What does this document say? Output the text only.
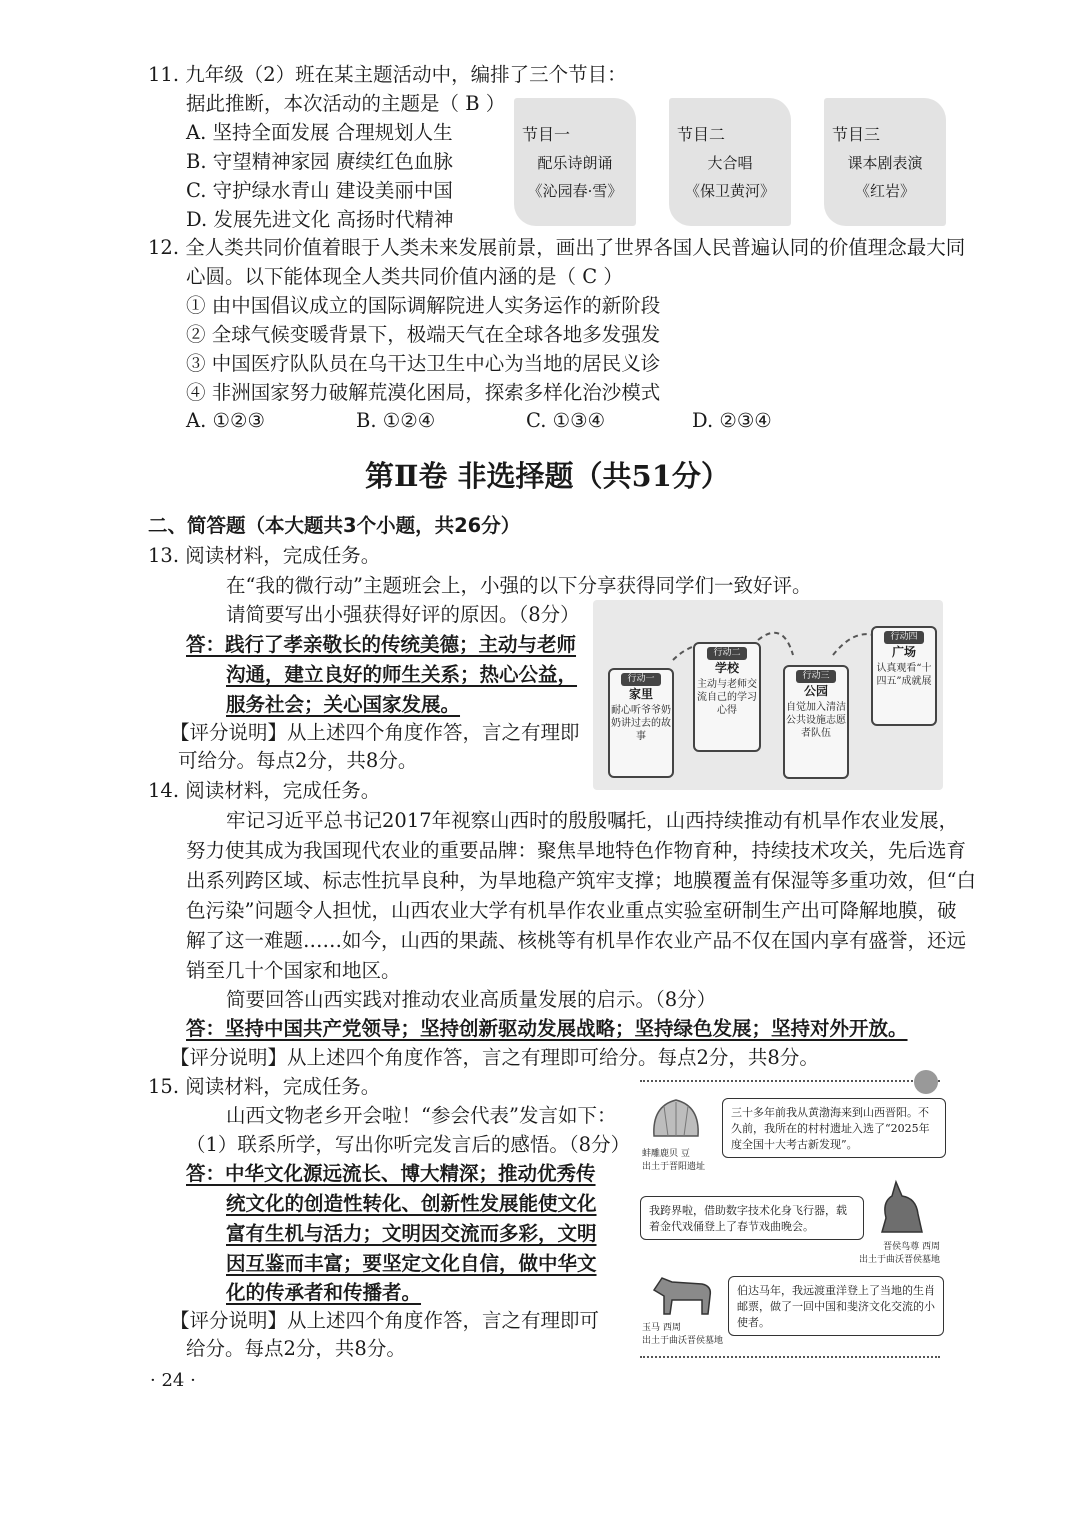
11. 九年级（2）班在某主题活动中，编排了三个节目：
据此推断，本次活动的主题是（ B ）
A. 坚持全面发展 合理规划人生
B. 守望精神家园 赓续红色血脉
C. 守护绿水青山 建设美丽中国
D. 发展先进文化 高扬时代精神
节目一
配乐诗朗诵
《沁园春·雪》
节目二
大合唱
《保卫黄河》
节目三
课本剧表演
《红岩》
12. 全人类共同价值着眼于人类未来发展前景，画出了世界各国人民普遍认同的价值理念最大同
心圆。以下能体现全人类共同价值内涵的是（ C ）
① 由中国倡议成立的国际调解院进人实务运作的新阶段
② 全球气候变暖背景下，极端天气在全球各地多发强发
③ 中国医疗队队员在乌干达卫生中心为当地的居民义诊
④ 非洲国家努力破解荒漠化困局，探索多样化治沙模式
A. ①②③	B. ①②④	C. ①③④	D. ②③④
第Ⅱ卷 非选择题（共51分）
二、简答题（本大题共3个小题，共26分）
13. 阅读材料，完成任务。
在“我的微行动”主题班会上，小强的以下分享获得同学们一致好评。
请简要写出小强获得好评的原因。（8分）
答：践行了孝亲敬长的传统美德；主动与老师
沟通，建立良好的师生关系；热心公益，
服务社会；关心国家发展。
【评分说明】从上述四个角度作答，言之有理即
可给分。每点2分，共8分。
行动一
家里
耐心听爷爷奶奶讲过去的故事
行动二
学校
主动与老师交流自己的学习心得
行动三
公园
自觉加入清洁公共设施志愿者队伍
行动四
广场
认真观看“十四五”成就展
14. 阅读材料，完成任务。
牢记习近平总书记2017年视察山西时的殷殷嘱托，山西持续推动有机旱作农业发展，
努力使其成为我国现代农业的重要品牌：聚焦旱地特色作物育种，持续技术攻关，先后选育
出系列跨区域、标志性抗旱良种，为旱地稳产筑牢支撑；地膜覆盖有保湿等多重功效，但“白
色污染”问题令人担忧，山西农业大学有机旱作农业重点实验室研制生产出可降解地膜，破
解了这一难题……如今，山西的果蔬、核桃等有机旱作农业产品不仅在国内享有盛誉，还远
销至几十个国家和地区。
简要回答山西实践对推动农业高质量发展的启示。（8分）
答：坚持中国共产党领导；坚持创新驱动发展战略；坚持绿色发展；坚持对外开放。
【评分说明】从上述四个角度作答，言之有理即可给分。每点2分，共8分。
15. 阅读材料，完成任务。
山西文物老乡开会啦！“参会代表”发言如下：
（1）联系所学，写出你听完发言后的感悟。（8分）
答：中华文化源远流长、博大精深；推动优秀传
统文化的创造性转化、创新性发展能使文化
富有生机与活力；文明因交流而多彩，文明
因互鉴而丰富；要坚定文化自信，做中华文
化的传承者和传播者。
【评分说明】从上述四个角度作答，言之有理即可
给分。每点2分，共8分。
蚌雕鹿贝 豆
出土于晋阳遗址
三十多年前我从黄渤海来到山西晋阳。不久前，我所在的村村遗址入选了“2025年度全国十大考古新发现”。
我跨界啦，借助数字技术化身飞行器，载着金代戏俑登上了春节戏曲晚会。
晋侯鸟尊 西周
出土于曲沃晋侯墓地
玉马 西周
出土于曲沃晋侯墓地
伯达马年，我远渡重洋登上了当地的生肖邮票，做了一回中国和斐济文化交流的小使者。
· 24 ·
